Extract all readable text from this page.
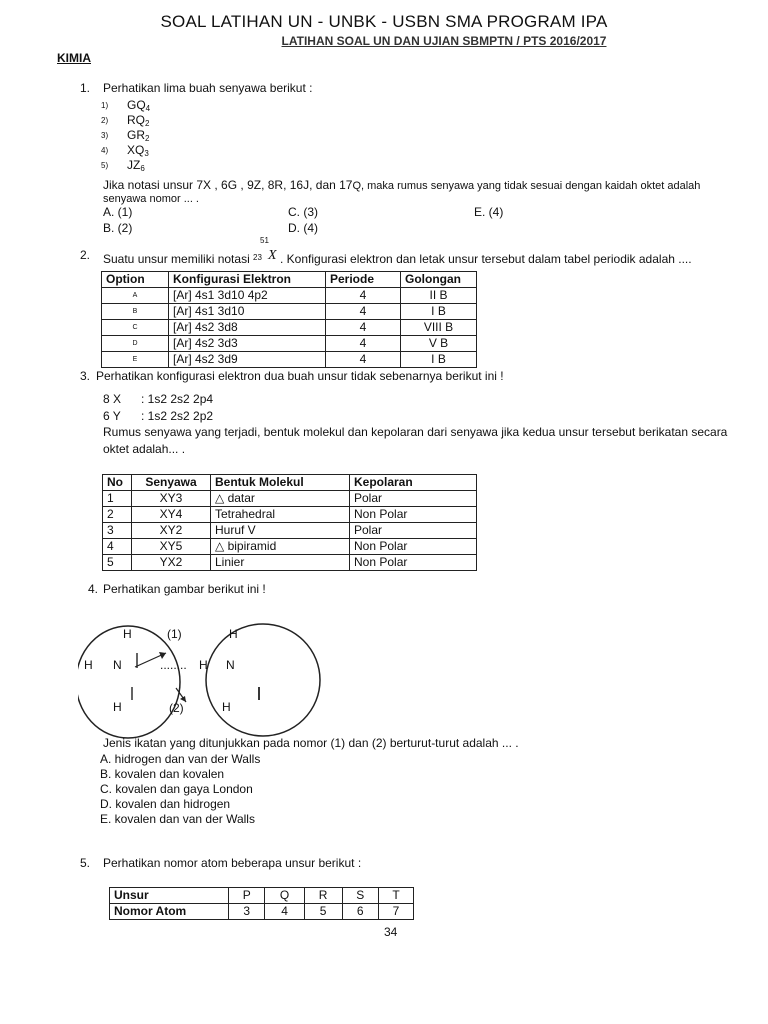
SOAL LATIHAN UN - UNBK - USBN SMA PROGRAM IPA
LATIHAN SOAL UN DAN UJIAN SBMPTN / PTS 2016/2017
KIMIA
1. Perhatikan lima buah senyawa berikut :
1) GQ4
2) RQ2
3) GR2
4) XQ3
5) JZ6
Jika notasi unsur 7X , 6G , 9Z, 8R, 16J, dan 17Q, maka rumus senyawa yang tidak sesuai dengan kaidah oktet adalah
senyawa nomor ... .
A. (1)
B. (2)
C. (3)
D. (4)
E. (4)
2. Suatu unsur memiliki notasi
51
23 X . Konfigurasi elektron dan letak unsur tersebut dalam tabel periodik adalah ....
Option	Konfigurasi Elektron	Periode	Golongan
A	[Ar] 4s1 3d10 4p2	4	II B
B	[Ar] 4s1 3d10	4	I B
C	[Ar] 4s2 3d8	4	VIII B
D	[Ar] 4s2 3d3	4	V B
E	[Ar] 4s2 3d9	4	I B
3. Perhatikan konfigurasi elektron dua buah unsur tidak sebenarnya berikut ini !
8 X : 1s2 2s2 2p4
6 Y : 1s2 2s2 2p2
Rumus senyawa yang terjadi, bentuk molekul dan kepolaran dari senyawa jika kedua unsur tersebut berikatan secara
oktet adalah... .
No	Senyawa	Bentuk Molekul	Kepolaran
1	XY3	△ datar	Polar
2	XY4	Tetrahedral	Non Polar
3	XY2	Huruf V	Polar
4	XY5	△ bipiramid	Non Polar
5	YX2	Linier	Non Polar
4. Perhatikan gambar berikut ini !
H	(1)	H
H N	........ H N
H	(2)	H
Jenis ikatan yang ditunjukkan pada nomor (1) dan (2) berturut-turut adalah ... .
A. hidrogen dan van der Walls
B. kovalen dan kovalen
C. kovalen dan gaya London
D. kovalen dan hidrogen
E. kovalen dan van der Walls
5. Perhatikan nomor atom beberapa unsur berikut :
Unsur	P	Q	R	S	T
Nomor Atom	3	4	5	6	7
34
